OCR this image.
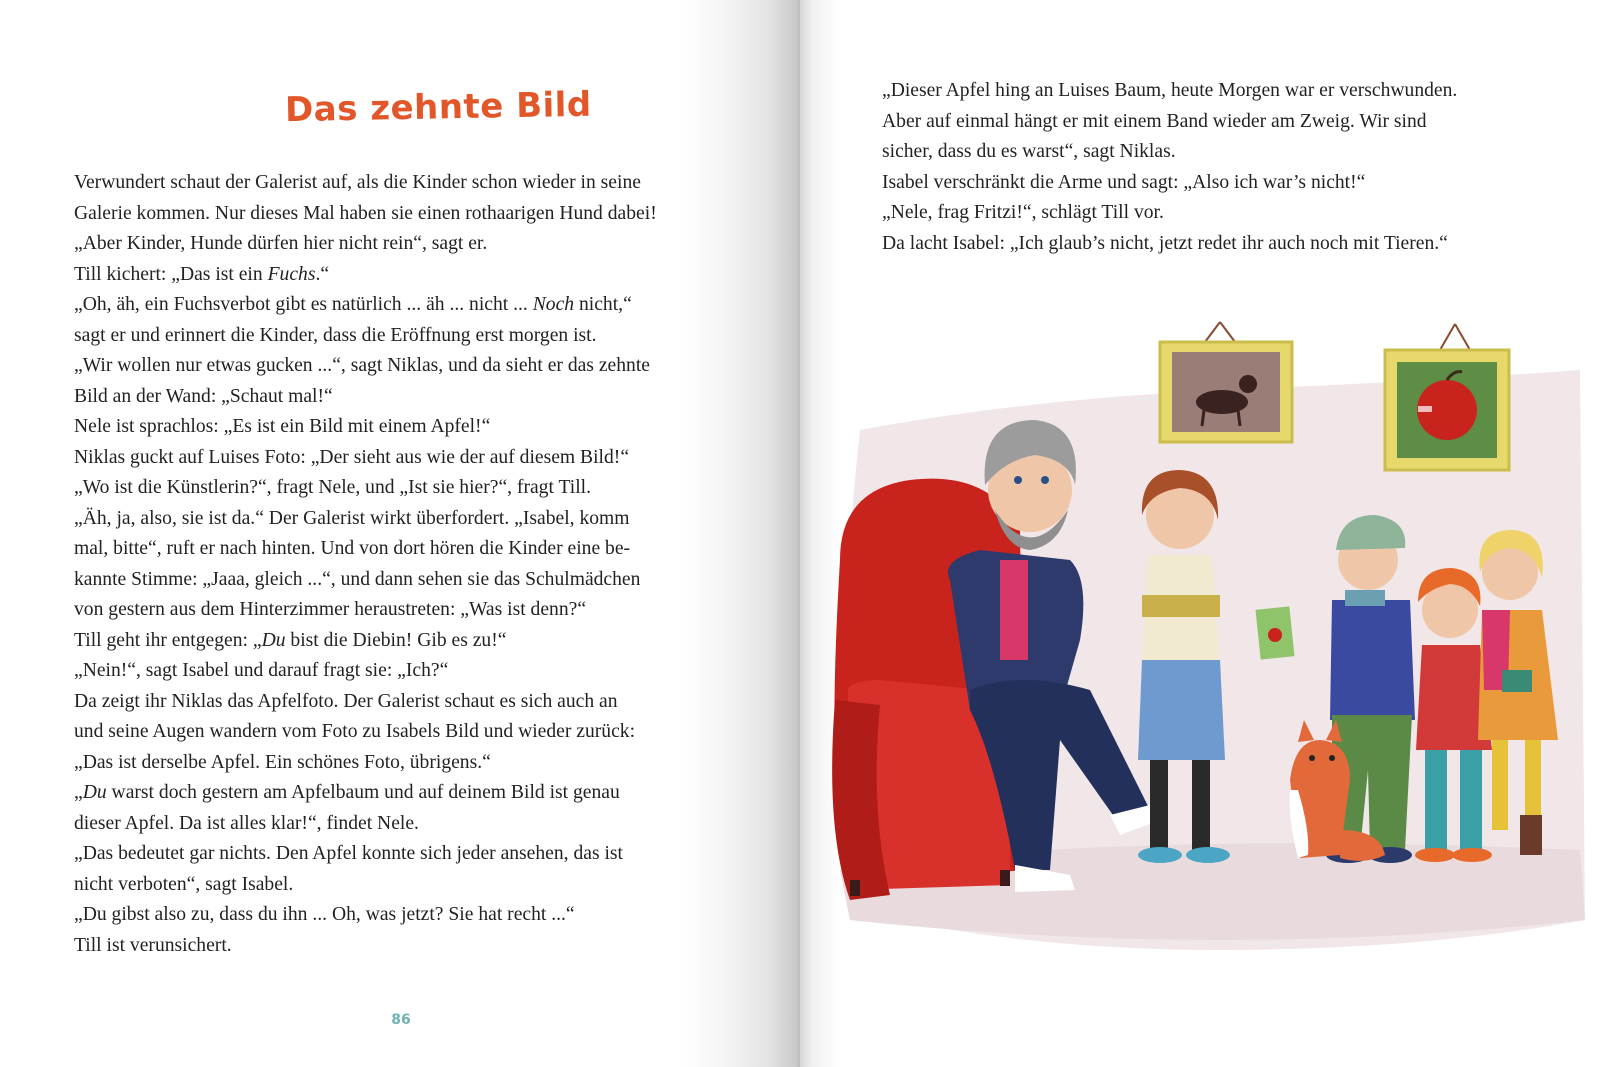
Das zehnte Bild
Verwundert schaut der Galerist auf, als die Kinder schon wieder in seine
Galerie kommen. Nur dieses Mal haben sie einen rothaarigen Hund dabei!
„Aber Kinder, Hunde dürfen hier nicht rein“, sagt er.
Till kichert: „Das ist ein Fuchs.“
„Oh, äh, ein Fuchsverbot gibt es natürlich ... äh ... nicht ... Noch nicht,“
sagt er und erinnert die Kinder, dass die Eröffnung erst morgen ist.
„Wir wollen nur etwas gucken ...“, sagt Niklas, und da sieht er das zehnte
Bild an der Wand: „Schaut mal!“
Nele ist sprachlos: „Es ist ein Bild mit einem Apfel!“
Niklas guckt auf Luises Foto: „Der sieht aus wie der auf diesem Bild!“
„Wo ist die Künstlerin?“, fragt Nele, und „Ist sie hier?“, fragt Till.
„Äh, ja, also, sie ist da.“ Der Galerist wirkt überfordert. „Isabel, komm
mal, bitte“, ruft er nach hinten. Und von dort hören die Kinder eine be-
kannte Stimme: „Jaaa, gleich ...“, und dann sehen sie das Schulmädchen
von gestern aus dem Hinterzimmer heraustreten: „Was ist denn?“
Till geht ihr entgegen: „Du bist die Diebin! Gib es zu!“
„Nein!“, sagt Isabel und darauf fragt sie: „Ich?“
Da zeigt ihr Niklas das Apfelfoto. Der Galerist schaut es sich auch an
und seine Augen wandern vom Foto zu Isabels Bild und wieder zurück:
„Das ist derselbe Apfel. Ein schönes Foto, übrigens.“
„Du warst doch gestern am Apfelbaum und auf deinem Bild ist genau
dieser Apfel. Da ist alles klar!“, findet Nele.
„Das bedeutet gar nichts. Den Apfel konnte sich jeder ansehen, das ist
nicht verboten“, sagt Isabel.
„Du gibst also zu, dass du ihn ... Oh, was jetzt? Sie hat recht ...“
Till ist verunsichert.
86
„Dieser Apfel hing an Luises Baum, heute Morgen war er verschwunden.
Aber auf einmal hängt er mit einem Band wieder am Zweig. Wir sind
sicher, dass du es warst“, sagt Niklas.
Isabel verschränkt die Arme und sagt: „Also ich war’s nicht!“
„Nele, frag Fritzi!“, schlägt Till vor.
Da lacht Isabel: „Ich glaub’s nicht, jetzt redet ihr auch noch mit Tieren.“
